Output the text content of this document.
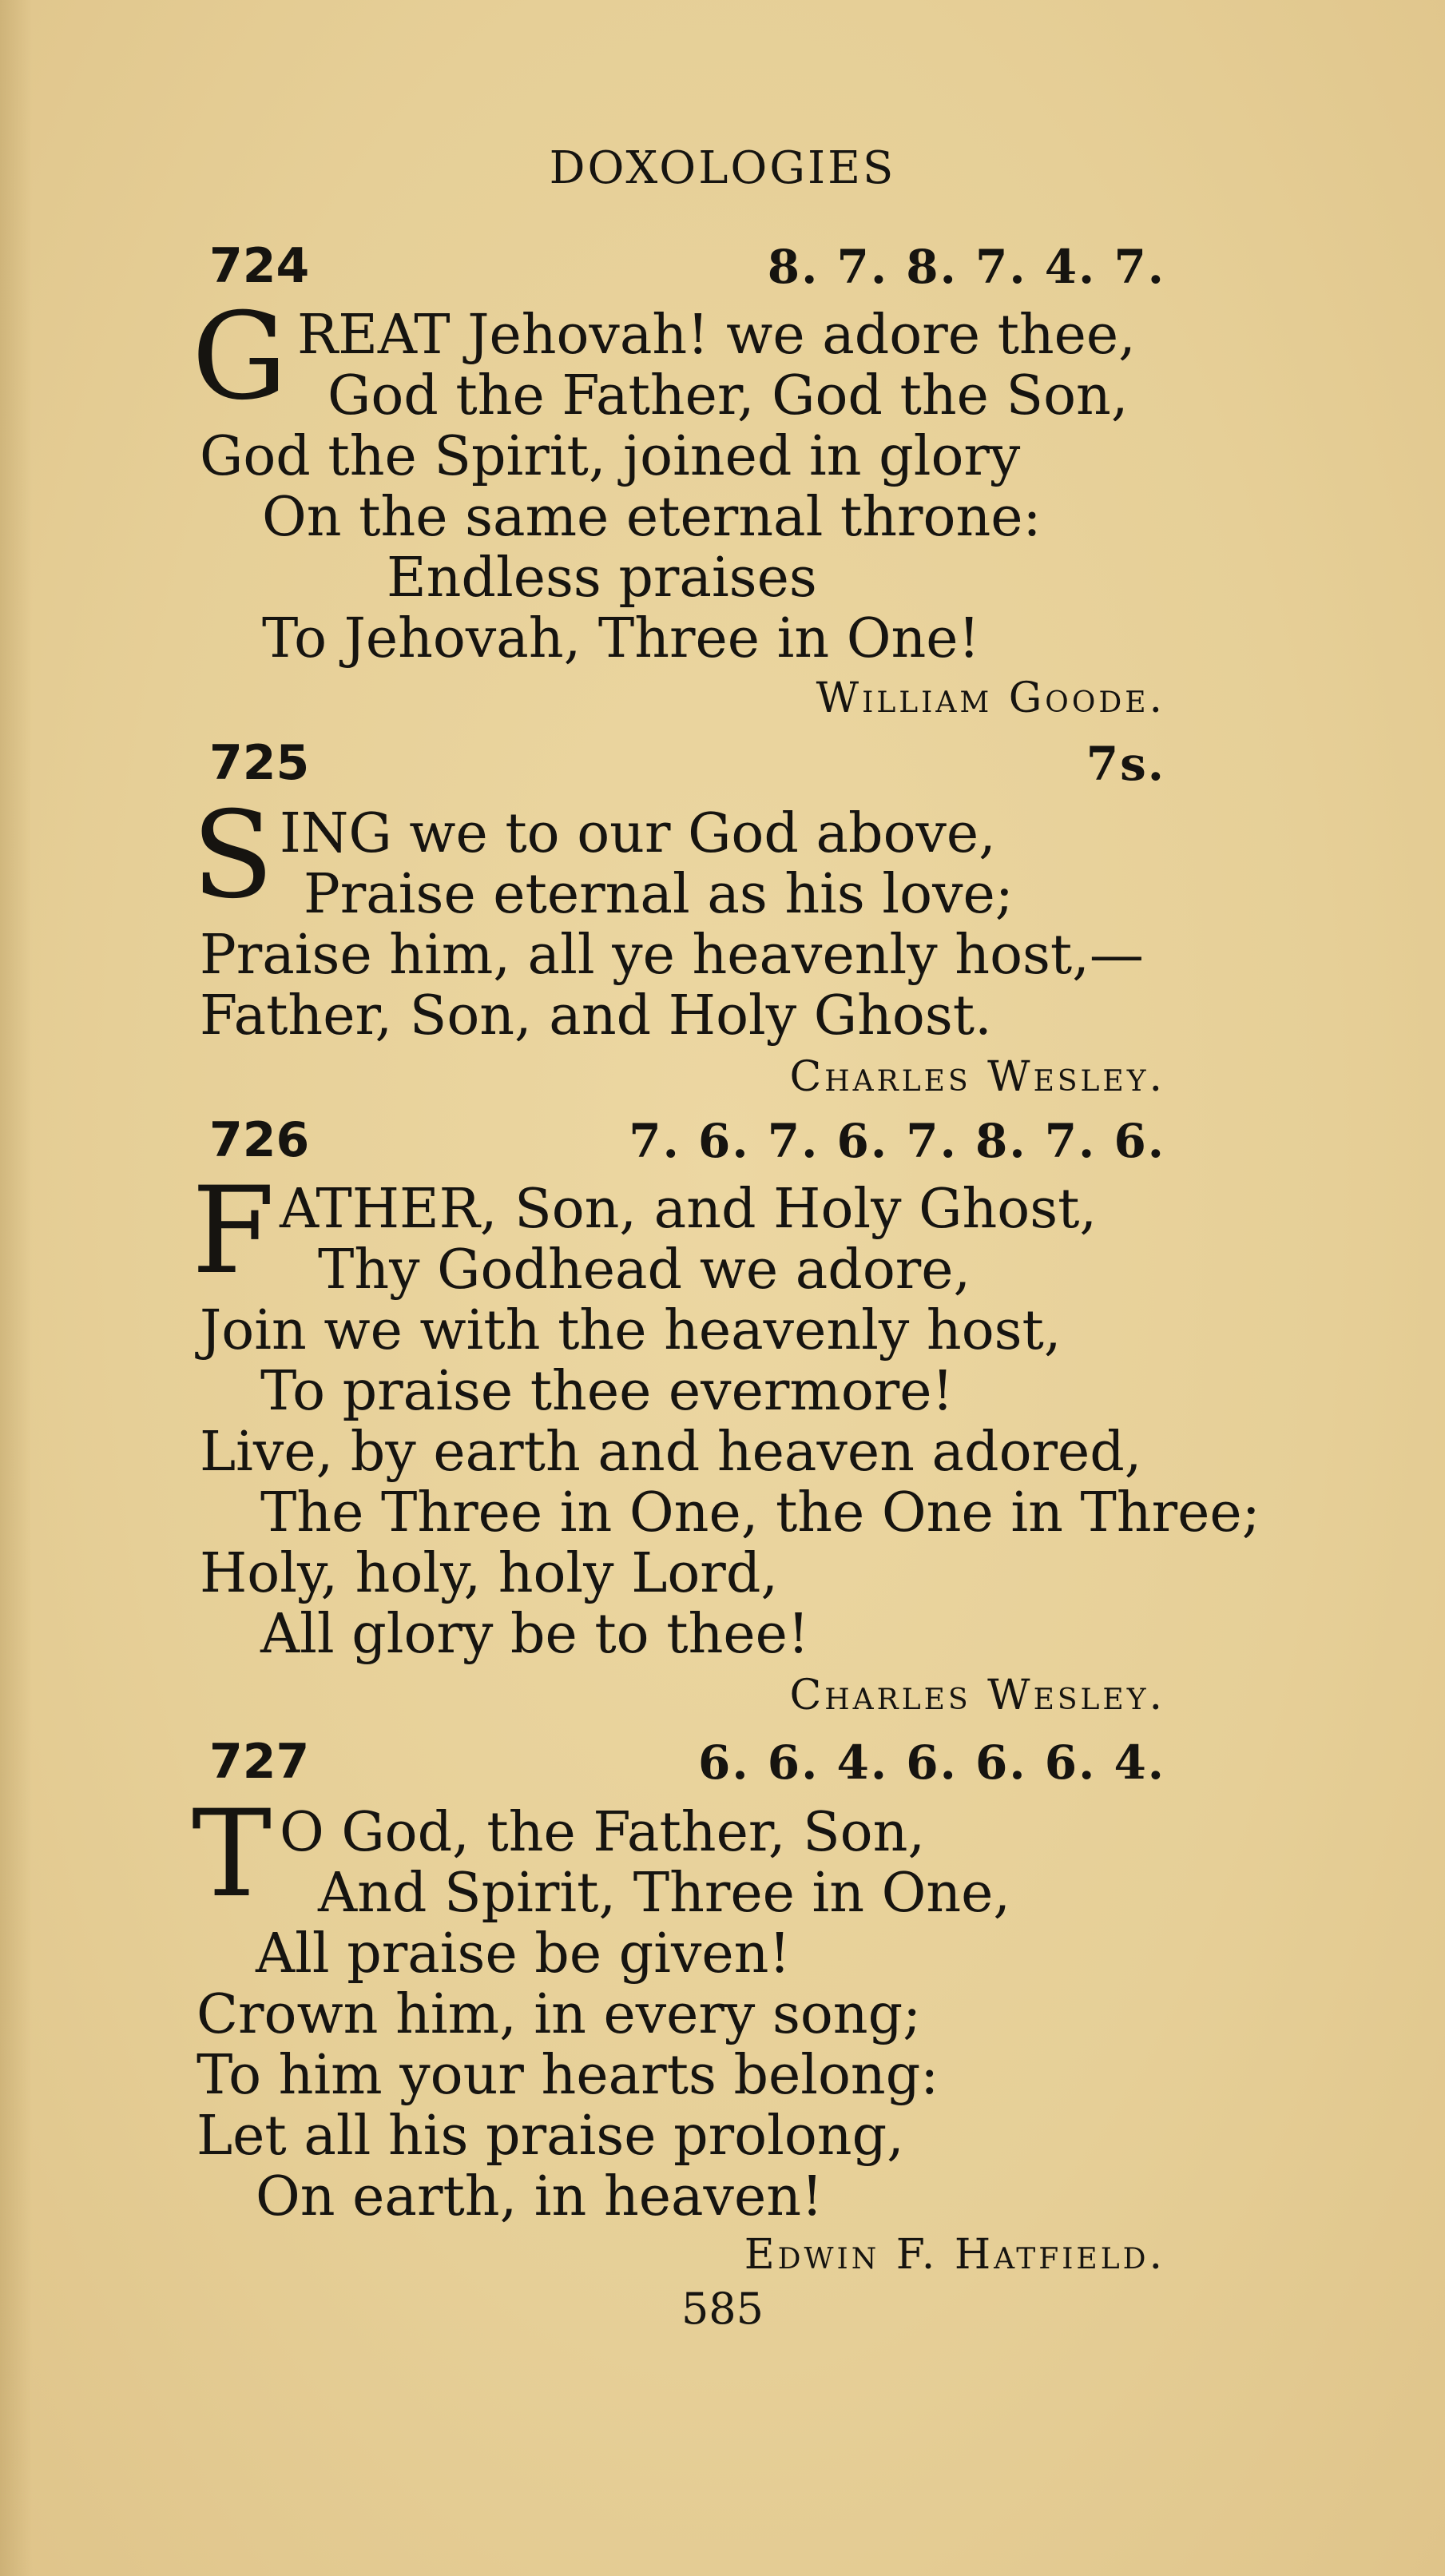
DOXOLOGIES
724	8. 7. 8. 7. 4. 7.
G REAT Jehovah! we adore thee,
God the Father, God the Son,
God the Spirit, joined in glory
On the same eternal throne:
Endless praises
To Jehovah, Three in One!
William Goode.
725	7s.
S ING we to our God above,
Praise eternal as his love;
Praise him, all ye heavenly host,—
Father, Son, and Holy Ghost.
Charles Wesley.
726	7. 6. 7. 6. 7. 8. 7. 6.
F ATHER, Son, and Holy Ghost,
Thy Godhead we adore,
Join we with the heavenly host,
To praise thee evermore!
Live, by earth and heaven adored,
The Three in One, the One in Three;
Holy, holy, holy Lord,
All glory be to thee!
Charles Wesley.
727	6. 6. 4. 6. 6. 6. 4.
T O God, the Father, Son,
And Spirit, Three in One,
All praise be given!
Crown him, in every song;
To him your hearts belong:
Let all his praise prolong,
On earth, in heaven!
Edwin F. Hatfield.
585
